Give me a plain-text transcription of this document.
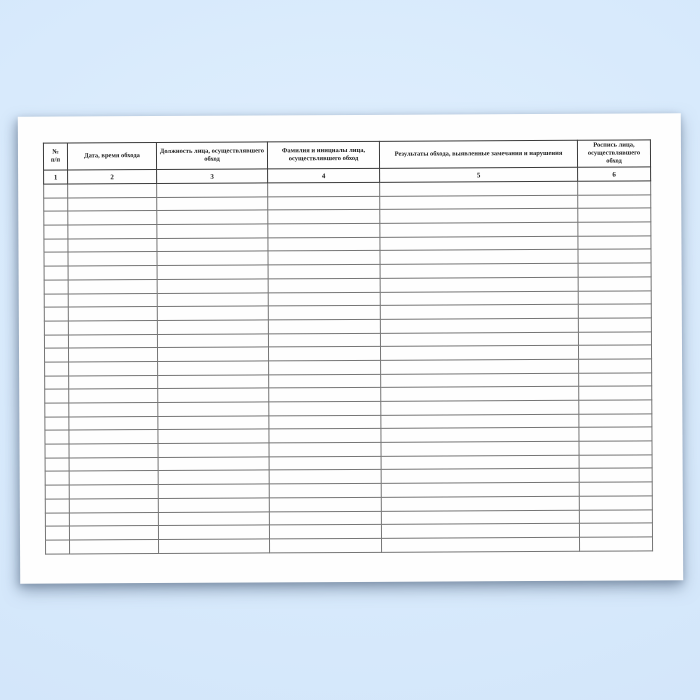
№
п/п	Дата, время обхода	Должность лица, осуществлявшего обход	Фамилия и инициалы лица, осуществлявшего обход	Результаты обхода, выявленные замечания и нарушения	Роспись лица, осуществлявшего обход
1	2	3	4	5	6
